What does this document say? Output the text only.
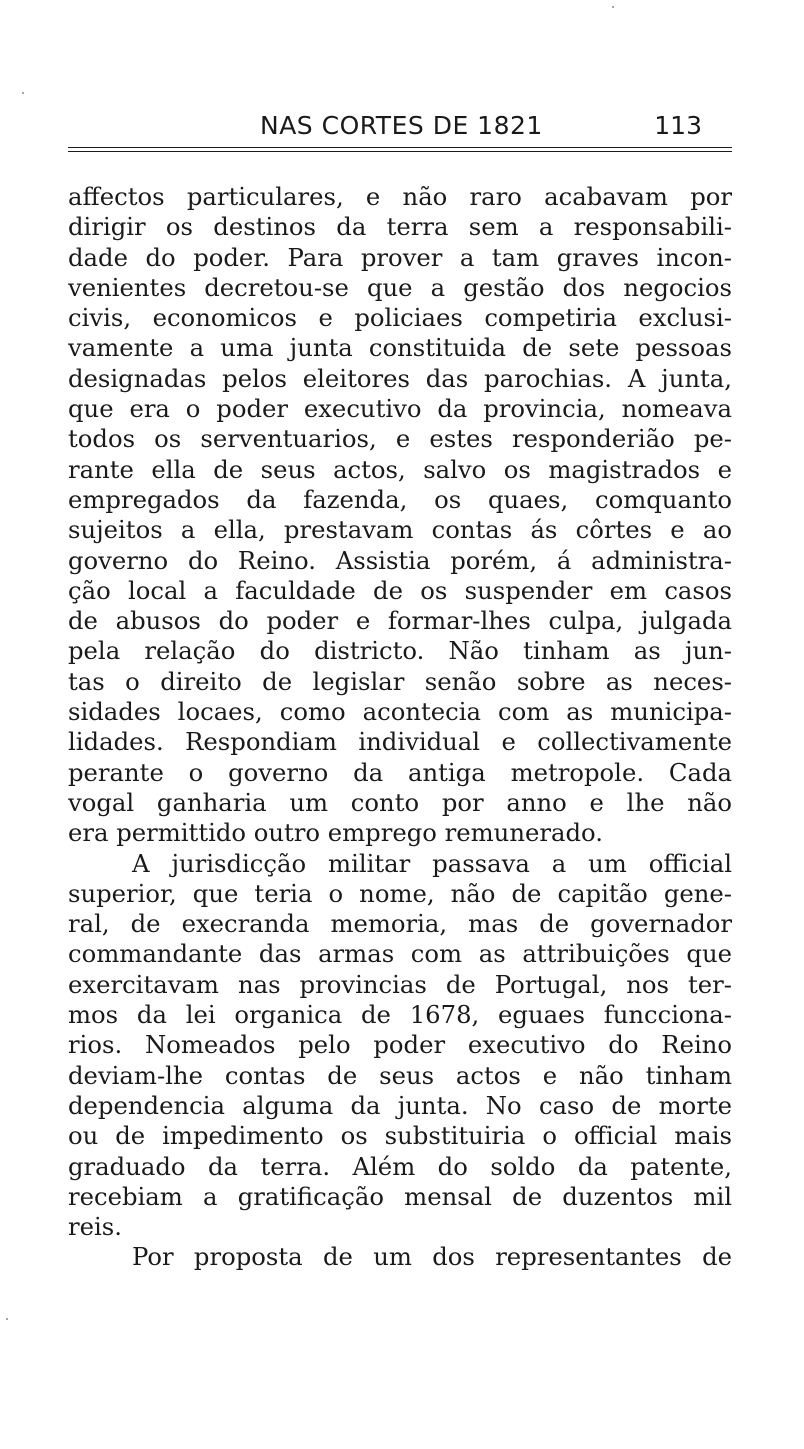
NAS CORTES DE 1821	113
affectos particulares, e não raro acabavam por
dirigir os destinos da terra sem a responsabili-
dade do poder. Para prover a tam graves incon-
venientes decretou-se que a gestão dos negocios
civis, economicos e policiaes competiria exclusi-
vamente a uma junta constituida de sete pessoas
designadas pelos eleitores das parochias. A junta,
que era o poder executivo da provincia, nomeava
todos os serventuarios, e estes responderião pe-
rante ella de seus actos, salvo os magistrados e
empregados da fazenda, os quaes, comquanto
sujeitos a ella, prestavam contas ás côrtes e ao
governo do Reino. Assistia porém, á administra-
ção local a faculdade de os suspender em casos
de abusos do poder e formar-lhes culpa, julgada
pela relação do districto. Não tinham as jun-
tas o direito de legislar senão sobre as neces-
sidades locaes, como acontecia com as municipa-
lidades. Respondiam individual e collectivamente
perante o governo da antiga metropole. Cada
vogal ganharia um conto por anno e lhe não
era permittido outro emprego remunerado.
A jurisdicção militar passava a um official
superior, que teria o nome, não de capitão gene-
ral, de execranda memoria, mas de governador
commandante das armas com as attribuições que
exercitavam nas provincias de Portugal, nos ter-
mos da lei organica de 1678, eguaes funcciona-
rios. Nomeados pelo poder executivo do Reino
deviam-lhe contas de seus actos e não tinham
dependencia alguma da junta. No caso de morte
ou de impedimento os substituiria o official mais
graduado da terra. Além do soldo da patente,
recebiam a gratificação mensal de duzentos mil
reis.
Por proposta de um dos representantes de
